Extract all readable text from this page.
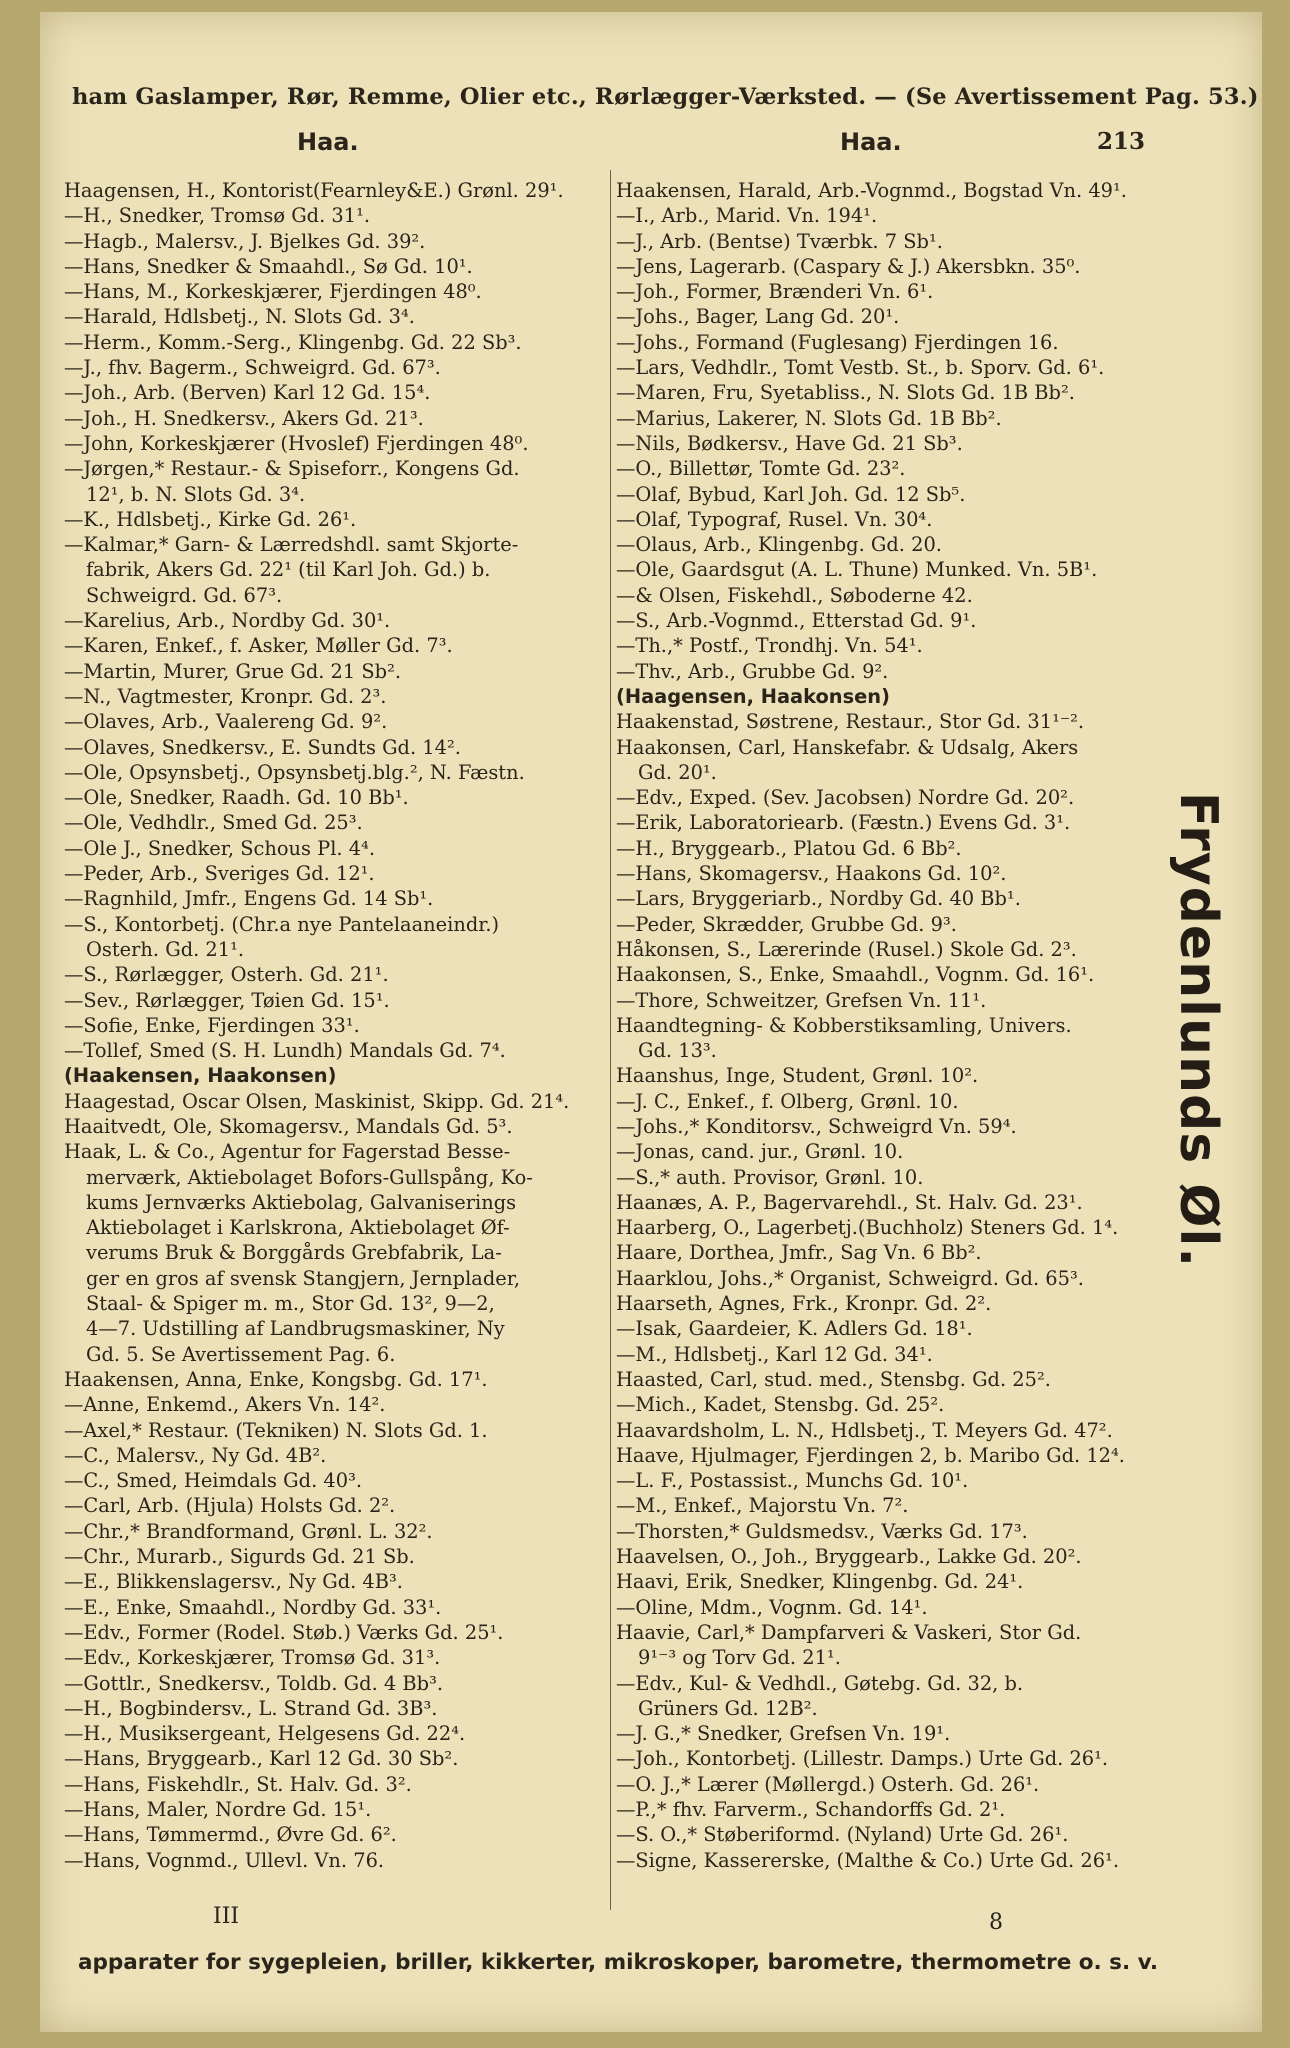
ham Gaslamper, Rør, Remme, Olier etc., Rørlægger-Værksted. — (Se Avertissement Pag. 53.)
Haa.	Haa.	213
Haagensen, H., Kontorist(Fearnley&E.) Grønl. 29¹.
—H., Snedker, Tromsø Gd. 31¹.
—Hagb., Malersv., J. Bjelkes Gd. 39².
—Hans, Snedker & Smaahdl., Sø Gd. 10¹.
—Hans, M., Korkeskjærer, Fjerdingen 48⁰.
—Harald, Hdlsbetj., N. Slots Gd. 3⁴.
—Herm., Komm.-Serg., Klingenbg. Gd. 22 Sb³.
—J., fhv. Bagerm., Schweigrd. Gd. 67³.
—Joh., Arb. (Berven) Karl 12 Gd. 15⁴.
—Joh., H. Snedkersv., Akers Gd. 21³.
—John, Korkeskjærer (Hvoslef) Fjerdingen 48⁰.
—Jørgen,* Restaur.- & Spiseforr., Kongens Gd.
12¹, b. N. Slots Gd. 3⁴.
—K., Hdlsbetj., Kirke Gd. 26¹.
—Kalmar,* Garn- & Lærredshdl. samt Skjorte-
fabrik, Akers Gd. 22¹ (til Karl Joh. Gd.) b.
Schweigrd. Gd. 67³.
—Karelius, Arb., Nordby Gd. 30¹.
—Karen, Enkef., f. Asker, Møller Gd. 7³.
—Martin, Murer, Grue Gd. 21 Sb².
—N., Vagtmester, Kronpr. Gd. 2³.
—Olaves, Arb., Vaalereng Gd. 9².
—Olaves, Snedkersv., E. Sundts Gd. 14².
—Ole, Opsynsbetj., Opsynsbetj.blg.², N. Fæstn.
—Ole, Snedker, Raadh. Gd. 10 Bb¹.
—Ole, Vedhdlr., Smed Gd. 25³.
—Ole J., Snedker, Schous Pl. 4⁴.
—Peder, Arb., Sveriges Gd. 12¹.
—Ragnhild, Jmfr., Engens Gd. 14 Sb¹.
—S., Kontorbetj. (Chr.a nye Pantelaaneindr.)
Osterh. Gd. 21¹.
—S., Rørlægger, Osterh. Gd. 21¹.
—Sev., Rørlægger, Tøien Gd. 15¹.
—Sofie, Enke, Fjerdingen 33¹.
—Tollef, Smed (S. H. Lundh) Mandals Gd. 7⁴.
(Haakensen, Haakonsen)
Haagestad, Oscar Olsen, Maskinist, Skipp. Gd. 21⁴.
Haaitvedt, Ole, Skomagersv., Mandals Gd. 5³.
Haak, L. & Co., Agentur for Fagerstad Besse-
merværk, Aktiebolaget Bofors-Gullspång, Ko-
kums Jernværks Aktiebolag, Galvaniserings
Aktiebolaget i Karlskrona, Aktiebolaget Øf-
verums Bruk & Borggårds Grebfabrik, La-
ger en gros af svensk Stangjern, Jernplader,
Staal- & Spiger m. m., Stor Gd. 13², 9—2,
4—7. Udstilling af Landbrugsmaskiner, Ny
Gd. 5. Se Avertissement Pag. 6.
Haakensen, Anna, Enke, Kongsbg. Gd. 17¹.
—Anne, Enkemd., Akers Vn. 14².
—Axel,* Restaur. (Tekniken) N. Slots Gd. 1.
—C., Malersv., Ny Gd. 4B².
—C., Smed, Heimdals Gd. 40³.
—Carl, Arb. (Hjula) Holsts Gd. 2².
—Chr.,* Brandformand, Grønl. L. 32².
—Chr., Murarb., Sigurds Gd. 21 Sb.
—E., Blikkenslagersv., Ny Gd. 4B³.
—E., Enke, Smaahdl., Nordby Gd. 33¹.
—Edv., Former (Rodel. Støb.) Værks Gd. 25¹.
—Edv., Korkeskjærer, Tromsø Gd. 31³.
—Gottlr., Snedkersv., Toldb. Gd. 4 Bb³.
—H., Bogbindersv., L. Strand Gd. 3B³.
—H., Musiksergeant, Helgesens Gd. 22⁴.
—Hans, Bryggearb., Karl 12 Gd. 30 Sb².
—Hans, Fiskehdlr., St. Halv. Gd. 3².
—Hans, Maler, Nordre Gd. 15¹.
—Hans, Tømmermd., Øvre Gd. 6².
—Hans, Vognmd., Ullevl. Vn. 76.
Haakensen, Harald, Arb.-Vognmd., Bogstad Vn. 49¹.
—I., Arb., Marid. Vn. 194¹.
—J., Arb. (Bentse) Tværbk. 7 Sb¹.
—Jens, Lagerarb. (Caspary & J.) Akersbkn. 35⁰.
—Joh., Former, Brænderi Vn. 6¹.
—Johs., Bager, Lang Gd. 20¹.
—Johs., Formand (Fuglesang) Fjerdingen 16.
—Lars, Vedhdlr., Tomt Vestb. St., b. Sporv. Gd. 6¹.
—Maren, Fru, Syetabliss., N. Slots Gd. 1B Bb².
—Marius, Lakerer, N. Slots Gd. 1B Bb².
—Nils, Bødkersv., Have Gd. 21 Sb³.
—O., Billettør, Tomte Gd. 23².
—Olaf, Bybud, Karl Joh. Gd. 12 Sb⁵.
—Olaf, Typograf, Rusel. Vn. 30⁴.
—Olaus, Arb., Klingenbg. Gd. 20.
—Ole, Gaardsgut (A. L. Thune) Munked. Vn. 5B¹.
—& Olsen, Fiskehdl., Søboderne 42.
—S., Arb.-Vognmd., Etterstad Gd. 9¹.
—Th.,* Postf., Trondhj. Vn. 54¹.
—Thv., Arb., Grubbe Gd. 9².
(Haagensen, Haakonsen)
Haakenstad, Søstrene, Restaur., Stor Gd. 31¹⁻².
Haakonsen, Carl, Hanskefabr. & Udsalg, Akers
Gd. 20¹.
—Edv., Exped. (Sev. Jacobsen) Nordre Gd. 20².
—Erik, Laboratoriearb. (Fæstn.) Evens Gd. 3¹.
—H., Bryggearb., Platou Gd. 6 Bb².
—Hans, Skomagersv., Haakons Gd. 10².
—Lars, Bryggeriarb., Nordby Gd. 40 Bb¹.
—Peder, Skrædder, Grubbe Gd. 9³.
Håkonsen, S., Lærerinde (Rusel.) Skole Gd. 2³.
Haakonsen, S., Enke, Smaahdl., Vognm. Gd. 16¹.
—Thore, Schweitzer, Grefsen Vn. 11¹.
Haandtegning- & Kobberstiksamling, Univers.
Gd. 13³.
Haanshus, Inge, Student, Grønl. 10².
—J. C., Enkef., f. Olberg, Grønl. 10.
—Johs.,* Konditorsv., Schweigrd Vn. 59⁴.
—Jonas, cand. jur., Grønl. 10.
—S.,* auth. Provisor, Grønl. 10.
Haanæs, A. P., Bagervarehdl., St. Halv. Gd. 23¹.
Haarberg, O., Lagerbetj.(Buchholz) Steners Gd. 1⁴.
Haare, Dorthea, Jmfr., Sag Vn. 6 Bb².
Haarklou, Johs.,* Organist, Schweigrd. Gd. 65³.
Haarseth, Agnes, Frk., Kronpr. Gd. 2².
—Isak, Gaardeier, K. Adlers Gd. 18¹.
—M., Hdlsbetj., Karl 12 Gd. 34¹.
Haasted, Carl, stud. med., Stensbg. Gd. 25².
—Mich., Kadet, Stensbg. Gd. 25².
Haavardsholm, L. N., Hdlsbetj., T. Meyers Gd. 47².
Haave, Hjulmager, Fjerdingen 2, b. Maribo Gd. 12⁴.
—L. F., Postassist., Munchs Gd. 10¹.
—M., Enkef., Majorstu Vn. 7².
—Thorsten,* Guldsmedsv., Værks Gd. 17³.
Haavelsen, O., Joh., Bryggearb., Lakke Gd. 20².
Haavi, Erik, Snedker, Klingenbg. Gd. 24¹.
—Oline, Mdm., Vognm. Gd. 14¹.
Haavie, Carl,* Dampfarveri & Vaskeri, Stor Gd.
9¹⁻³ og Torv Gd. 21¹.
—Edv., Kul- & Vedhdl., Gøtebg. Gd. 32, b.
Grüners Gd. 12B².
—J. G.,* Snedker, Grefsen Vn. 19¹.
—Joh., Kontorbetj. (Lillestr. Damps.) Urte Gd. 26¹.
—O. J.,* Lærer (Møllergd.) Osterh. Gd. 26¹.
—P.,* fhv. Farverm., Schandorffs Gd. 2¹.
—S. O.,* Støberiformd. (Nyland) Urte Gd. 26¹.
—Signe, Kassererske, (Malthe & Co.) Urte Gd. 26¹.
Frydenlunds Øl.
III	8
apparater for sygepleien, briller, kikkerter, mikroskoper, barometre, thermometre o. s. v.
